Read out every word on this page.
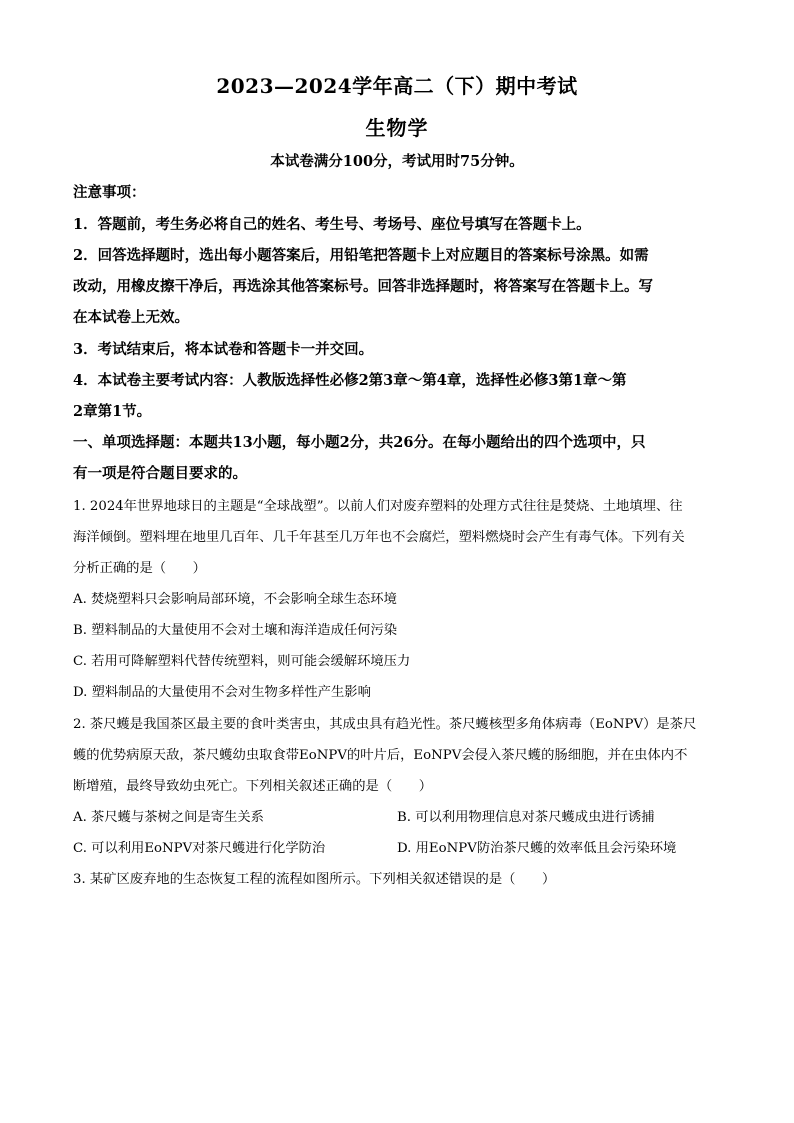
2023—2024学年高二（下）期中考试
生物学
本试卷满分100分，考试用时75分钟。
注意事项：
1．答题前，考生务必将自己的姓名、考生号、考场号、座位号填写在答题卡上。
2．回答选择题时，选出每小题答案后，用铅笔把答题卡上对应题目的答案标号涂黑。如需
改动，用橡皮擦干净后，再选涂其他答案标号。回答非选择题时，将答案写在答题卡上。写
在本试卷上无效。
3．考试结束后，将本试卷和答题卡一并交回。
4．本试卷主要考试内容：人教版选择性必修2第3章～第4章，选择性必修3第1章～第
2章第1节。
一、单项选择题：本题共13小题，每小题2分，共26分。在每小题给出的四个选项中，只
有一项是符合题目要求的。
1. 2024年世界地球日的主题是“全球战塑”。以前人们对废弃塑料的处理方式往往是焚烧、土地填埋、往
海洋倾倒。塑料埋在地里几百年、几千年甚至几万年也不会腐烂，塑料燃烧时会产生有毒气体。下列有关
分析正确的是（　　）
A. 焚烧塑料只会影响局部环境，不会影响全球生态环境
B. 塑料制品的大量使用不会对土壤和海洋造成任何污染
C. 若用可降解塑料代替传统塑料，则可能会缓解环境压力
D. 塑料制品的大量使用不会对生物多样性产生影响
2. 茶尺蠖是我国茶区最主要的食叶类害虫，其成虫具有趋光性。茶尺蠖核型多角体病毒（EoNPV）是茶尺
蠖的优势病原天敌，茶尺蠖幼虫取食带EoNPV的叶片后，EoNPV会侵入茶尺蠖的肠细胞，并在虫体内不
断增殖，最终导致幼虫死亡。下列相关叙述正确的是（　　）
A. 茶尺蠖与茶树之间是寄生关系	B. 可以利用物理信息对茶尺蠖成虫进行诱捕
C. 可以利用EoNPV对茶尺蠖进行化学防治	D. 用EoNPV防治茶尺蠖的效率低且会污染环境
3. 某矿区废弃地的生态恢复工程的流程如图所示。下列相关叙述错误的是（　　）
